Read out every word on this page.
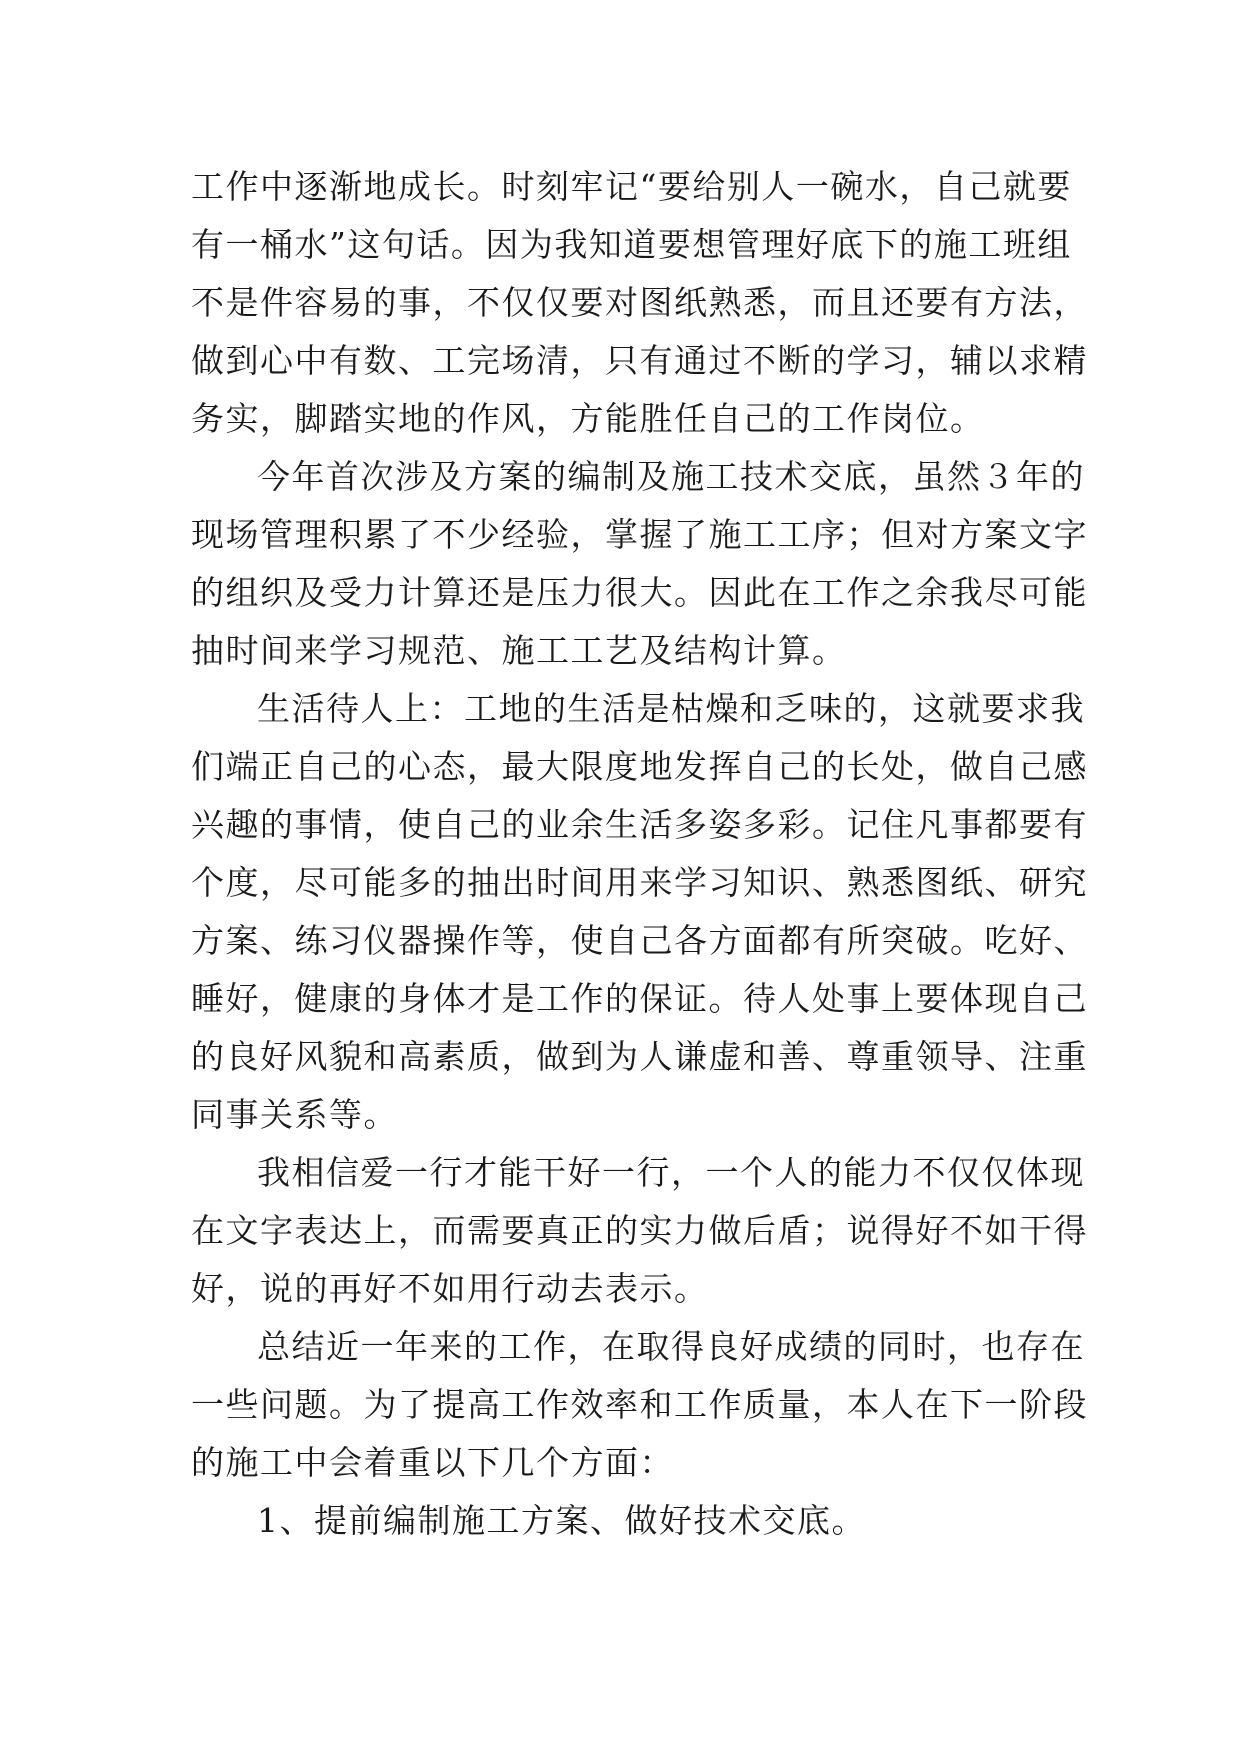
工作中逐渐地成长。时刻牢记“要给别人一碗水，自己就要
有一桶水”这句话。因为我知道要想管理好底下的施工班组
不是件容易的事，不仅仅要对图纸熟悉，而且还要有方法，
做到心中有数、工完场清，只有通过不断的学习，辅以求精
务实，脚踏实地的作风，方能胜任自己的工作岗位。
今年首次涉及方案的编制及施工技术交底，虽然３年的
现场管理积累了不少经验，掌握了施工工序；但对方案文字
的组织及受力计算还是压力很大。因此在工作之余我尽可能
抽时间来学习规范、施工工艺及结构计算。
生活待人上：工地的生活是枯燥和乏味的，这就要求我
们端正自己的心态，最大限度地发挥自己的长处，做自己感
兴趣的事情，使自己的业余生活多姿多彩。记住凡事都要有
个度，尽可能多的抽出时间用来学习知识、熟悉图纸、研究
方案、练习仪器操作等，使自己各方面都有所突破。吃好、
睡好，健康的身体才是工作的保证。待人处事上要体现自己
的良好风貌和高素质，做到为人谦虚和善、尊重领导、注重
同事关系等。
我相信爱一行才能干好一行，一个人的能力不仅仅体现
在文字表达上，而需要真正的实力做后盾；说得好不如干得
好，说的再好不如用行动去表示。
总结近一年来的工作，在取得良好成绩的同时，也存在
一些问题。为了提高工作效率和工作质量，本人在下一阶段
的施工中会着重以下几个方面：
1、提前编制施工方案、做好技术交底。
